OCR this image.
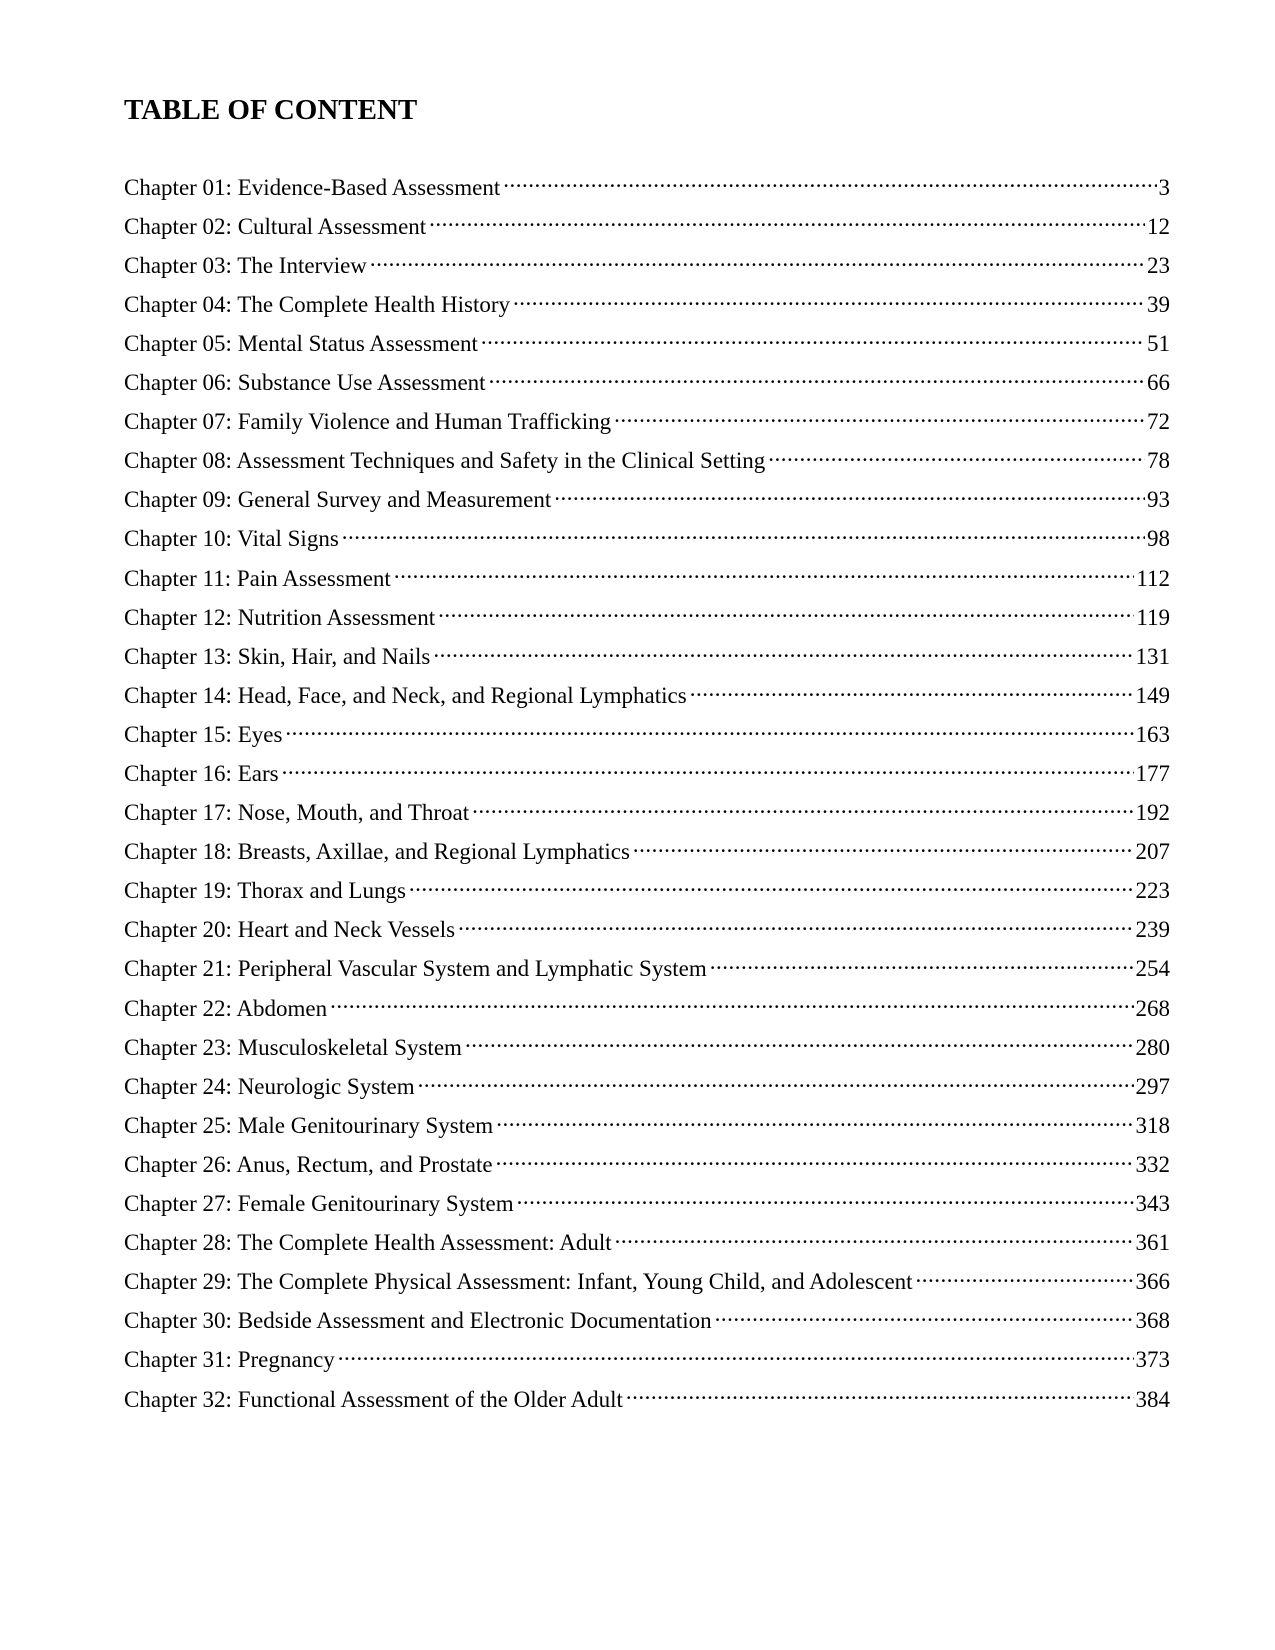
TABLE OF CONTENT
Chapter 01: Evidence-Based Assessment .....	3
Chapter 02: Cultural Assessment .....	12
Chapter 03: The Interview .....	23
Chapter 04: The Complete Health History .....	39
Chapter 05: Mental Status Assessment .....	51
Chapter 06: Substance Use Assessment .....	66
Chapter 07: Family Violence and Human Trafficking .....	72
Chapter 08: Assessment Techniques and Safety in the Clinical Setting .....	78
Chapter 09: General Survey and Measurement .....	93
Chapter 10: Vital Signs .....	98
Chapter 11: Pain Assessment .....	112
Chapter 12: Nutrition Assessment .....	119
Chapter 13: Skin, Hair, and Nails .....	131
Chapter 14: Head, Face, and Neck, and Regional Lymphatics .....	149
Chapter 15: Eyes .....	163
Chapter 16: Ears .....	177
Chapter 17: Nose, Mouth, and Throat .....	192
Chapter 18: Breasts, Axillae, and Regional Lymphatics .....	207
Chapter 19: Thorax and Lungs .....	223
Chapter 20: Heart and Neck Vessels .....	239
Chapter 21: Peripheral Vascular System and Lymphatic System .....	254
Chapter 22: Abdomen .....	268
Chapter 23: Musculoskeletal System .....	280
Chapter 24: Neurologic System .....	297
Chapter 25: Male Genitourinary System .....	318
Chapter 26: Anus, Rectum, and Prostate .....	332
Chapter 27: Female Genitourinary System .....	343
Chapter 28: The Complete Health Assessment: Adult .....	361
Chapter 29: The Complete Physical Assessment: Infant, Young Child, and Adolescent .....	366
Chapter 30: Bedside Assessment and Electronic Documentation .....	368
Chapter 31: Pregnancy .....	373
Chapter 32: Functional Assessment of the Older Adult .....	384
